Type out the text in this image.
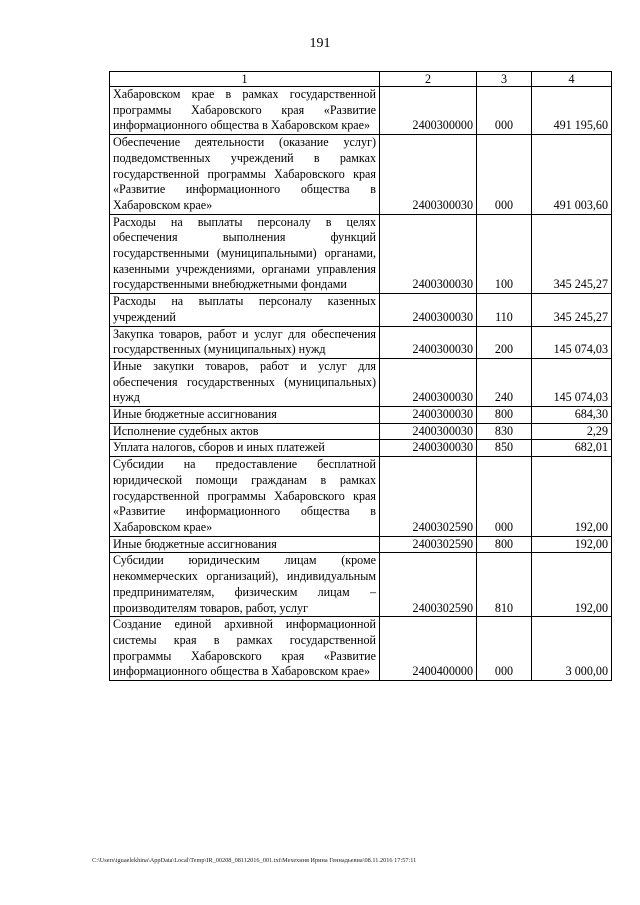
191
1	2	3	4
Хабаровском крае в рамках государственной программы Хабаровского края «Развитие информационного общества в Хабаровском крае»	2400300000	000	491 195,60
Обеспечение деятельности (оказание услуг) подведомственных учреждений в рамках государственной программы Хабаровского края «Развитие информационного общества в Хабаровском крае»	2400300030	000	491 003,60
Расходы на выплаты персоналу в целях обеспечения выполнения функций государственными (муниципальными) органами, казенными учреждениями, органами управления государственными внебюджетными фондами	2400300030	100	345 245,27
Расходы на выплаты персоналу казенных учреждений	2400300030	110	345 245,27
Закупка товаров, работ и услуг для обеспечения государственных (муниципальных) нужд	2400300030	200	145 074,03
Иные закупки товаров, работ и услуг для обеспечения государственных (муниципальных) нужд	2400300030	240	145 074,03
Иные бюджетные ассигнования	2400300030	800	684,30
Исполнение судебных актов	2400300030	830	2,29
Уплата налогов, сборов и иных платежей	2400300030	850	682,01
Субсидии на предоставление бесплатной юридической помощи гражданам в рамках государственной программы Хабаровского края «Развитие информационного общества в Хабаровском крае»	2400302590	000	192,00
Иные бюджетные ассигнования	2400302590	800	192,00
Субсидии юридическим лицам (кроме некоммерческих организаций), индивидуальным предпринимателям, физическим лицам – производителям товаров, работ, услуг	2400302590	810	192,00
Создание единой архивной информационной системы края в рамках государственной программы Хабаровского края «Развитие информационного общества в Хабаровском крае»	2400400000	000	3 000,00
C:\Users\iguaelekhina\AppData\Local\Temp\IR_00208_08112016_001.txt\Мехехиня Ирина Геннадьевна\08.11.2016 17:57:11
